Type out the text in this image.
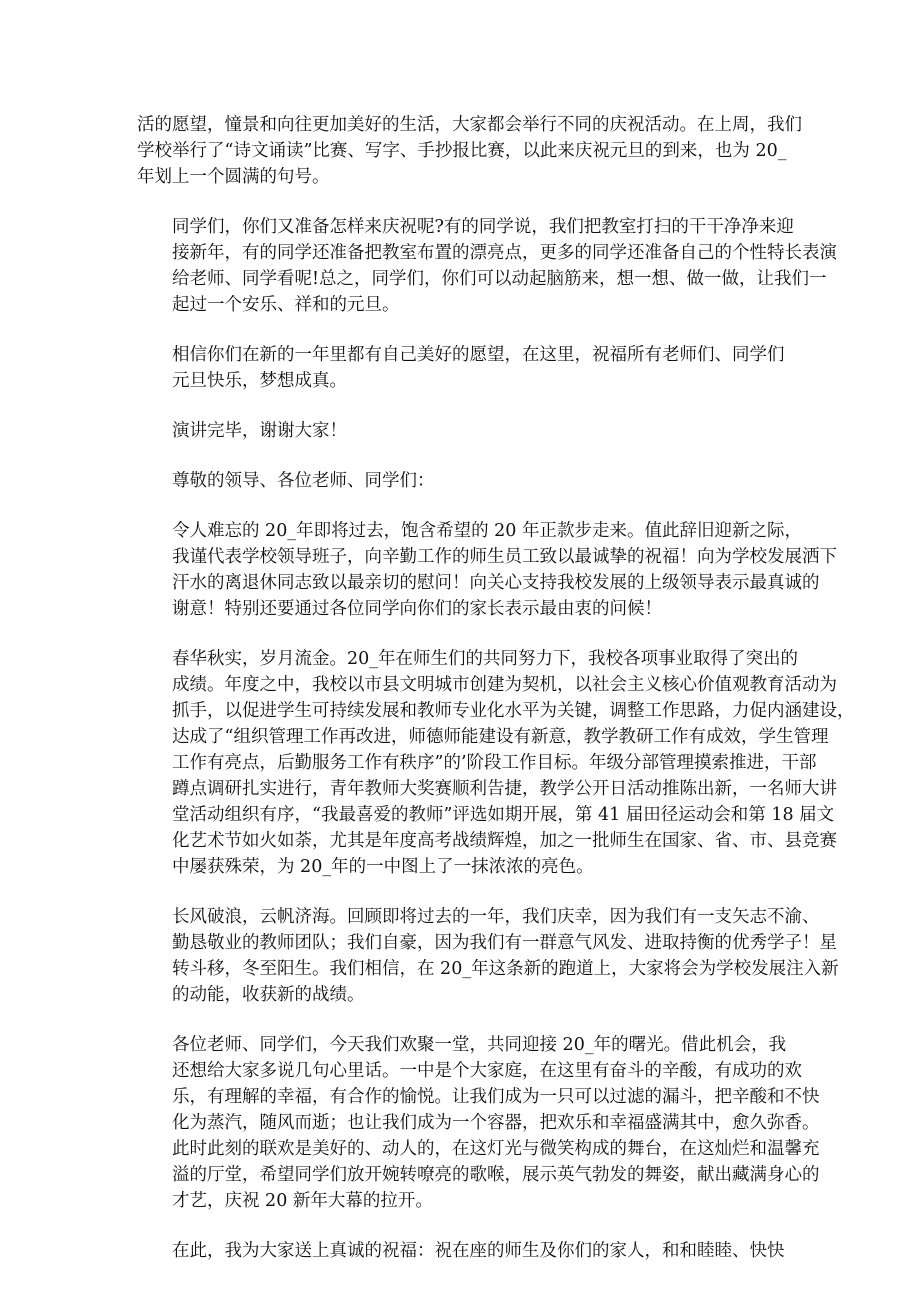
活的愿望，憧景和向往更加美好的生活，大家都会举行不同的庆祝活动。在上周，我们
学校举行了“诗文诵读”比赛、写字、手抄报比赛，以此来庆祝元旦的到来，也为 20_
年划上一个圆满的句号。

同学们，你们又准备怎样来庆祝呢?有的同学说，我们把教室打扫的干干净净来迎
接新年，有的同学还准备把教室布置的漂亮点，更多的同学还准备自己的个性特长表演
给老师、同学看呢!总之，同学们，你们可以动起脑筋来，想一想、做一做，让我们一
起过一个安乐、祥和的元旦。

相信你们在新的一年里都有自己美好的愿望，在这里，祝福所有老师们、同学们
元旦快乐，梦想成真。

演讲完毕，谢谢大家！

尊敬的领导、各位老师、同学们：

令人难忘的 20_年即将过去，饱含希望的 20 年正款步走来。值此辞旧迎新之际，
我谨代表学校领导班子，向辛勤工作的师生员工致以最诚挚的祝福！向为学校发展洒下
汗水的离退休同志致以最亲切的慰问！向关心支持我校发展的上级领导表示最真诚的
谢意！特别还要通过各位同学向你们的家长表示最由衷的问候！

春华秋实，岁月流金。20_年在师生们的共同努力下，我校各项事业取得了突出的
成绩。年度之中，我校以市县文明城市创建为契机，以社会主义核心价值观教育活动为
抓手，以促进学生可持续发展和教师专业化水平为关键，调整工作思路，力促内涵建设，
达成了“组织管理工作再改进，师德师能建设有新意，教学教研工作有成效，学生管理
工作有亮点，后勤服务工作有秩序”的’阶段工作目标。年级分部管理摸索推进，干部
蹲点调研扎实进行，青年教师大奖赛顺利告捷，教学公开日活动推陈出新，一名师大讲
堂活动组织有序，“我最喜爱的教师”评选如期开展，第 41 届田径运动会和第 18 届文
化艺术节如火如荼，尤其是年度高考战绩辉煌，加之一批师生在国家、省、市、县竞赛
中屡获殊荣，为 20_年的一中图上了一抹浓浓的亮色。

长风破浪，云帆济海。回顾即将过去的一年，我们庆幸，因为我们有一支矢志不渝、
勤恳敬业的教师团队；我们自豪，因为我们有一群意气风发、进取持衡的优秀学子！星
转斗移，冬至阳生。我们相信，在 20_年这条新的跑道上，大家将会为学校发展注入新
的动能，收获新的战绩。

各位老师、同学们，今天我们欢聚一堂，共同迎接 20_年的曙光。借此机会，我
还想给大家多说几句心里话。一中是个大家庭，在这里有奋斗的辛酸，有成功的欢
乐，有理解的幸福，有合作的愉悦。让我们成为一只可以过滤的漏斗，把辛酸和不快
化为蒸汽，随风而逝；也让我们成为一个容器，把欢乐和幸福盛满其中，愈久弥香。
此时此刻的联欢是美好的、动人的，在这灯光与微笑构成的舞台，在这灿烂和温馨充
溢的厅堂，希望同学们放开婉转嘹亮的歌喉，展示英气勃发的舞姿，献出藏满身心的
才艺，庆祝 20 新年大幕的拉开。

在此，我为大家送上真诚的祝福：祝在座的师生及你们的家人，和和睦睦、快快
